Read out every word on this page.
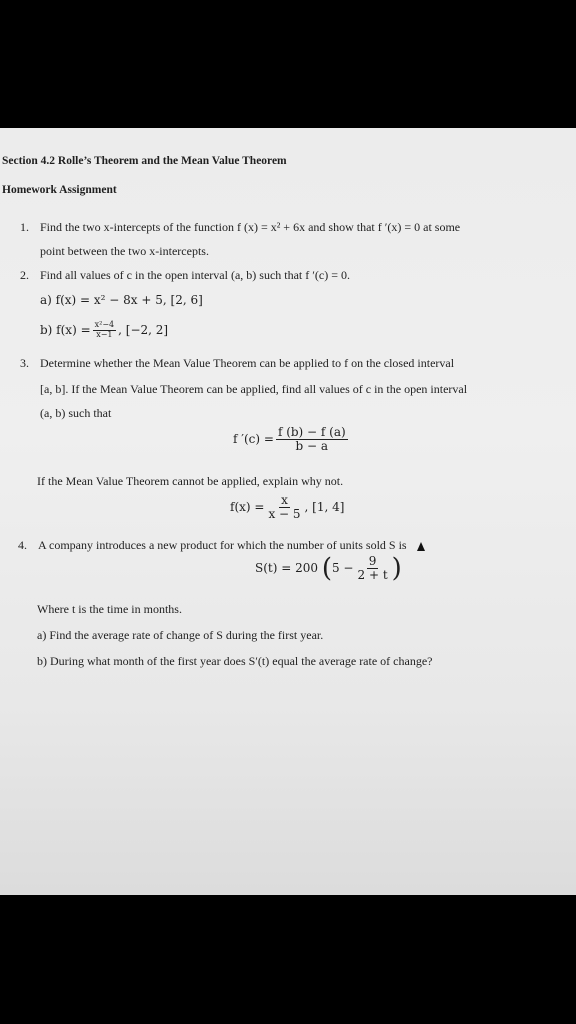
Section 4.2 Rolle’s Theorem and the Mean Value Theorem
Homework Assignment
1. Find the two x-intercepts of the function f (x) = x² + 6x and show that f ′(x) = 0 at some
point between the two x-intercepts.
2. Find all values of c in the open interval (a, b) such that f ′(c) = 0.
a) f(x) = x² − 8x + 5, [2, 6]
b) $f(x) = \frac{\text{x²−4}}{x-1}$ , [−2, 2]
3. Determine whether the Mean Value Theorem can be applied to f on the closed interval
[a, b]. If the Mean Value Theorem can be applied, find all values of c in the open interval
(a, b) such that
f $'(c) = \frac{f (b) - f (a)}{b - a}$
If the Mean Value Theorem cannot be applied, explain why not.
$f(x) = \frac{x}{x - 5}$ , [1, 4]
4. A company introduces a new product for which the number of units sold S is
S(t) = 200 ($5 - \frac{9}{2 + t}$ )
Where t is the time in months.
a) Find the average rate of change of S during the first year.
b) During what month of the first year does S′(t) equal the average rate of change?
